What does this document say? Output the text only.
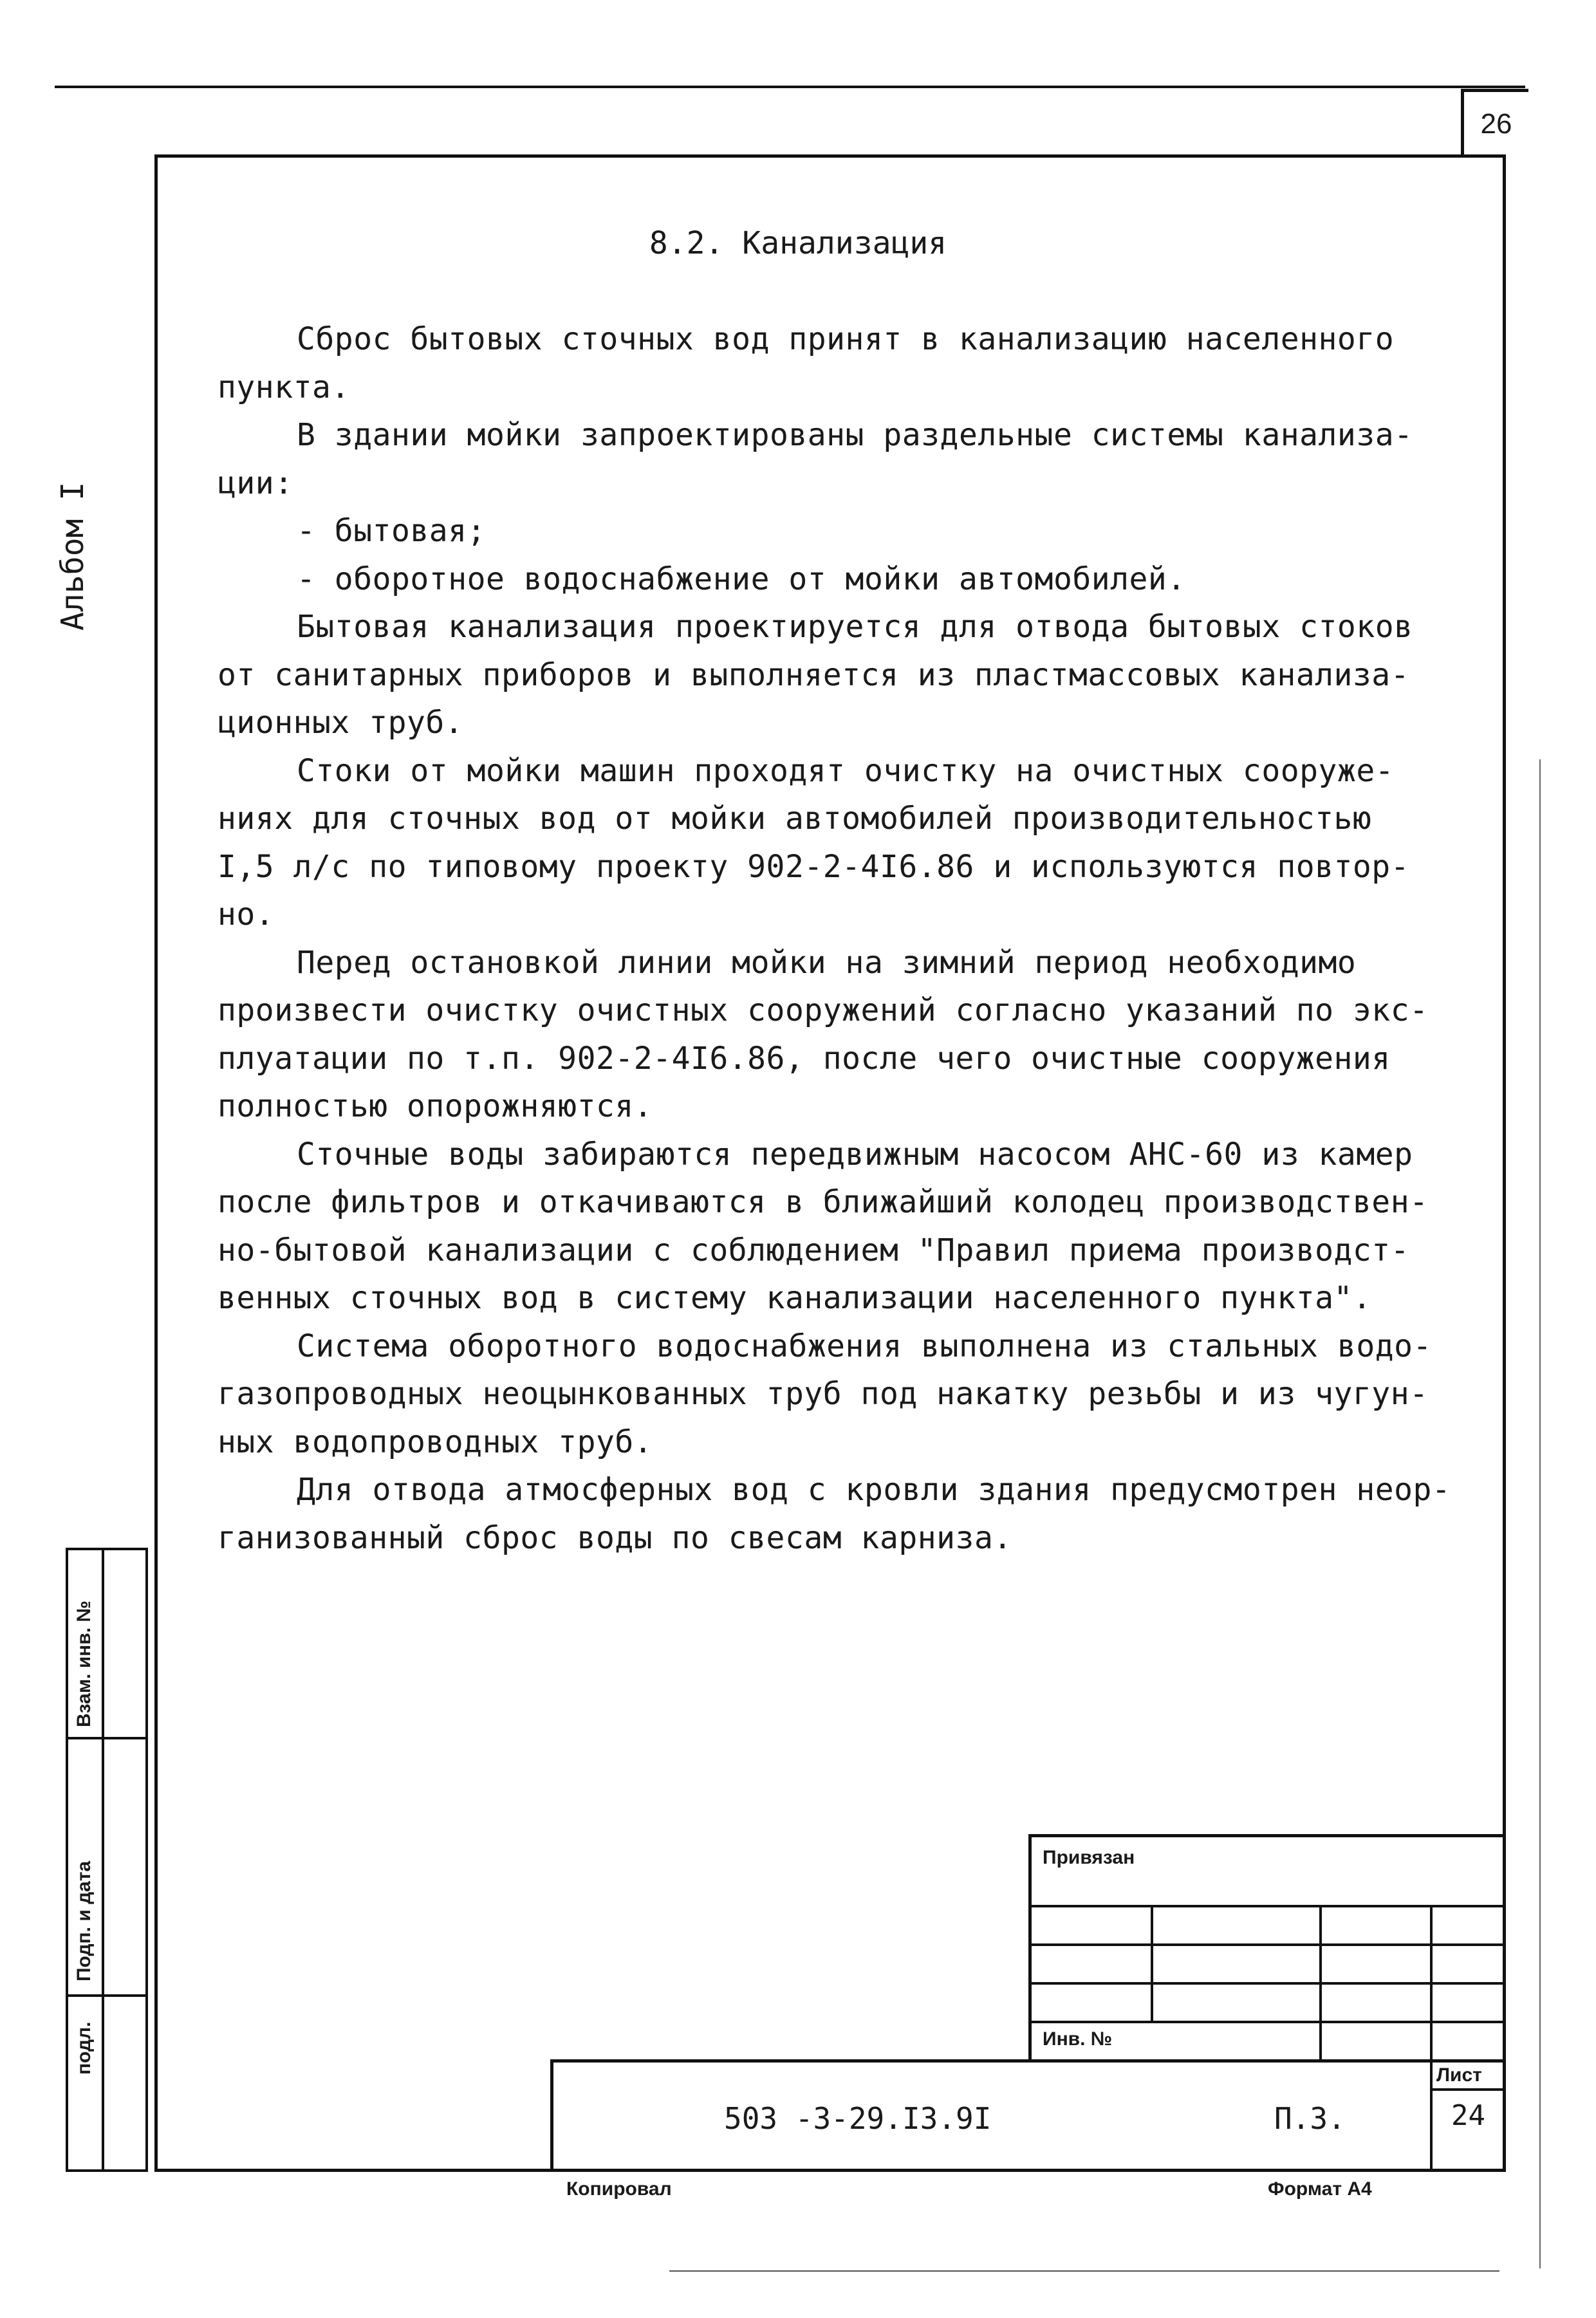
26
8.2. Канализация

Сброс бытовых сточных вод принят в канализацию населенного

пункта.

В здании мойки запроектированы раздельные системы канализа-

ции:

- бытовая;

- оборотное водоснабжение от мойки автомобилей.

Бытовая канализация проектируется для отвода бытовых стоков

от санитарных приборов и выполняется из пластмассовых канализа-

ционных труб.

Стоки от мойки машин проходят очистку на очистных сооруже-

ниях для сточных вод от мойки автомобилей производительностью

I,5 л/с по типовому проекту 902-2-4I6.86 и используются повтор-

но.

Перед остановкой линии мойки на зимний период необходимо

произвести очистку очистных сооружений согласно указаний по экс-

плуатации по т.п. 902-2-4I6.86, после чего очистные сооружения

полностью опорожняются.

Сточные воды забираются передвижным насосом АНС-60 из камер

после фильтров и откачиваются в ближайший колодец производствен-

но-бытовой канализации с соблюдением "Правил приема производст-

венных сточных вод в систему канализации населенного пункта".

Система оборотного водоснабжения выполнена из стальных водо-

газопроводных неоцынкованных труб под накатку резьбы и из чугун-

ных водопроводных труб.

Для отвода атмосферных вод с кровли здания предусмотрен неор-

ганизованный сброс воды по свесам карниза.

Альбом I
Взам. инв. №
Подп. и дата
подл.
Привязан
Инв. №
Лист
503 -3-29.I3.9I	П.3.	24
Копировал	Формат А4
